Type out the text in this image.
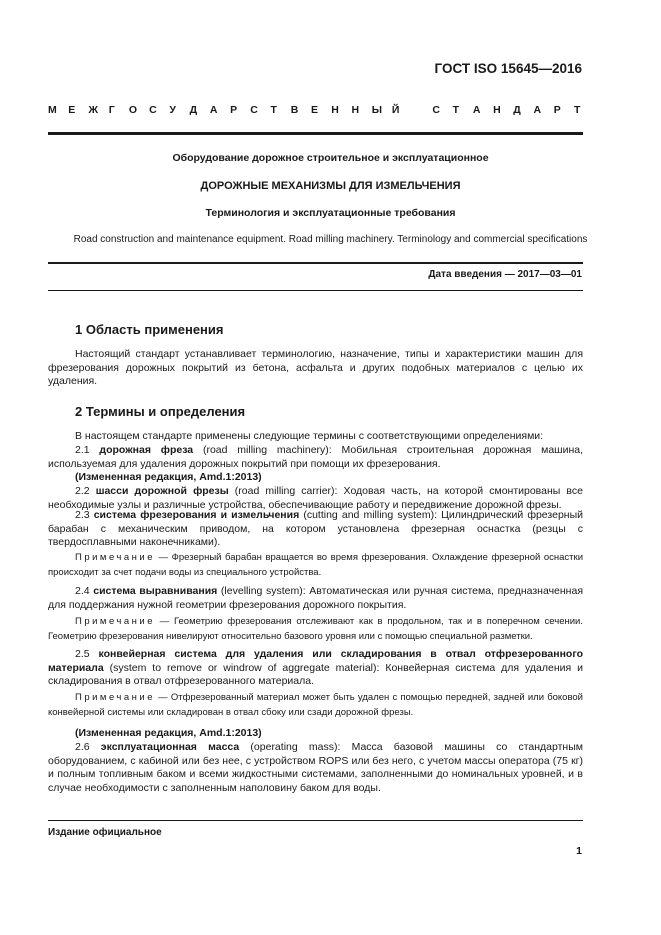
ГОСТ ISO 15645—2016
М Е Ж Г О С У Д А Р С Т В Е Н Н Ы Й	С Т А Н Д А Р Т
Оборудование дорожное строительное и эксплуатационное
ДОРОЖНЫЕ МЕХАНИЗМЫ ДЛЯ ИЗМЕЛЬЧЕНИЯ
Терминология и эксплуатационные требования
Road construction and maintenance equipment. Road milling machinery. Terminology and commercial specifications
Дата введения — 2017—03—01
1 Область применения
Настоящий стандарт устанавливает терминологию, назначение, типы и характеристики машин для фрезерования дорожных покрытий из бетона, асфальта и других подобных материалов с целью их удаления.
2 Термины и определения
В настоящем стандарте применены следующие термины с соответствующими определениями:
2.1 дорожная фреза (road milling machinery): Мобильная строительная дорожная машина, используемая для удаления дорожных покрытий при помощи их фрезерования.
(Измененная редакция, Amd.1:2013)
2.2 шасси дорожной фрезы (road milling carrier): Ходовая часть, на которой смонтированы все необходимые узлы и различные устройства, обеспечивающие работу и передвижение дорожной фрезы.
2.3 система фрезерования и измельчения (cutting and milling system): Цилиндрический фрезерный барабан с механическим приводом, на котором установлена фрезерная оснастка (резцы с твердосплавными наконечниками).
Примечание — Фрезерный барабан вращается во время фрезерования. Охлаждение фрезерной оснастки происходит за счет подачи воды из специального устройства.
2.4 система выравнивания (levelling system): Автоматическая или ручная система, предназначенная для поддержания нужной геометрии фрезерования дорожного покрытия.
Примечание — Геометрию фрезерования отслеживают как в продольном, так и в поперечном сечении. Геометрию фрезерования нивелируют относительно базового уровня или с помощью специальной разметки.
2.5 конвейерная система для удаления или складирования в отвал отфрезерованного материала (system to remove or windrow of aggregate material): Конвейерная система для удаления и складирования в отвал отфрезерованного материала.
Примечание — Отфрезерованный материал может быть удален с помощью передней, задней или боковой конвейерной системы или складирован в отвал сбоку или сзади дорожной фрезы.
(Измененная редакция, Amd.1:2013)
2.6 эксплуатационная масса (operating mass): Масса базовой машины со стандартным оборудованием, с кабиной или без нее, с устройством ROPS или без него, с учетом массы оператора (75 кг) и полным топливным баком и всеми жидкостными системами, заполненными до номинальных уровней, и в случае необходимости с заполненным наполовину баком для воды.
Издание официальное
1
